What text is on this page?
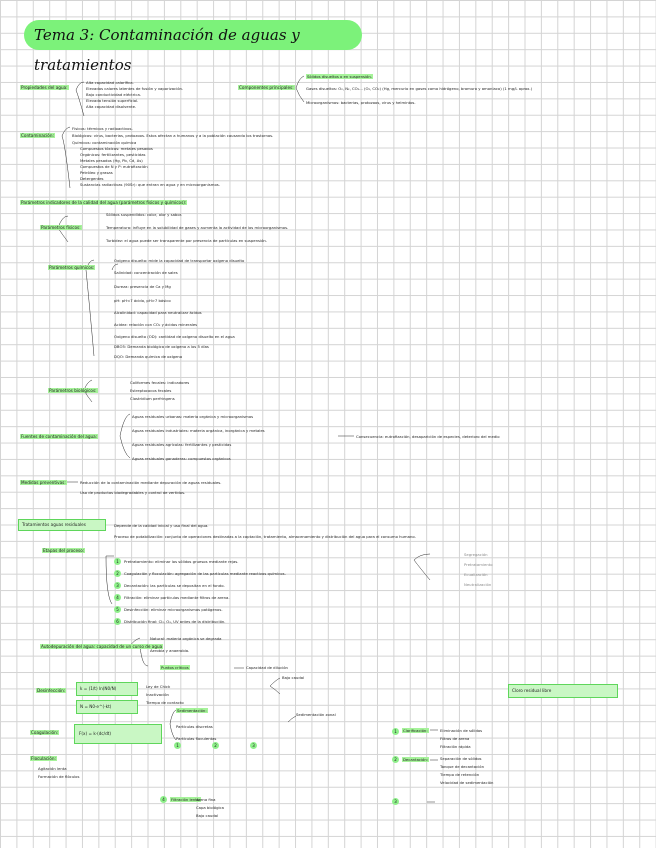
Tema 3: Contaminación de aguas y tratamientos
Propiedades del agua:
Alta capacidad calorífica.
Elevados calores latentes de fusión y vaporización.
Bajo conductividad eléctrica.
Elevada tensión superficial.
Alta capacidad disolvente.
Componentes principales:
Sólidos disueltos o en suspensión.
Gases disueltos: O₂, N₂, CO₂... (O₂, CO₂) (Hg, mercurio en gases como hidrógeno, bromuro y amoniaco) (1 mg/L aprox.)
Microorganismos: bacterias, protozoos, virus y helmintos.
Contaminación:
Físicos: térmicos y radioactivos.
Biológicos: virus, bacterias, protozoos. Estos afectan a humanos y a la población causando los trastornos.
Químicos: contaminación química
Compuestos tóxicos: metales pesados
Orgánicos: fertilizantes, pesticidas
Metales pesados (Hg, Pb, Cd, As)
Compuestos de N y P: eutrofización
Petróleo y grasas
Detergentes
Sustancias radiactivas (90Sr): que entran en agua y en microorganismos.
Parámetros indicadores de la calidad del agua (parámetros físicos y químicos):
Parámetros físicos:
Sólidos suspendidos: color, olor y sabor.
Temperatura: influye en la solubilidad de gases y aumenta la actividad de los microorganismos.
Turbidez: el agua puede ser transparente por presencia de partículas en suspensión.
Parámetros químicos:
Oxígeno disuelto: mide la capacidad de transportar oxígeno disuelto
Salinidad: concentración de sales
Dureza: presencia de Ca y Mg
pH: pH<7 ácido, pH>7 básico
Alcalinidad: capacidad para neutralizar ácidos
Acidez: relación con CO₂ y ácidos minerales
Oxígeno disuelto (OD): cantidad de oxígeno disuelto en el agua
DBO5: Demanda biológica de oxígeno a los 5 días
DQO: Demanda química de oxígeno
Parámetros biológicos:
Coliformes fecales: indicadores
Estreptococos fecales
Clostridium perfringens
Fuentes de contaminación del agua:
Aguas residuales urbanas: materia orgánica y microorganismos
Aguas residuales industriales: materia orgánica, inorgánica y metales
Aguas residuales agrícolas: fertilizantes y pesticidas
Aguas residuales ganaderas: compuestos orgánicos
Consecuencia: eutrofización, desaparición de especies, deterioro del medio
Medidas preventivas:	Reducción de la contaminación mediante depuración de aguas residuales.
Uso de productos biodegradables y control de vertidos.
Tratamientos aguas residuales	Depende de la calidad inicial y uso final del agua.
Proceso de potabilización: conjunto de operaciones destinadas a la captación, tratamiento, almacenamiento y distribución del agua para el consumo humano.
Etapas del proceso:
1	Pretratamiento: eliminar los sólidos gruesos mediante rejas.
2	Coagulación y floculación: agregación de las partículas mediante reactivos químicos.
3	Decantación: las partículas se depositan en el fondo.
4	Filtración: eliminar partículas mediante filtros de arena.
5	Desinfección: eliminar microorganismos patógenos.
6	Distribución final: Cl₂, O₃, UV antes de la distribución.
Segregación
Pretratamiento
Ecualización
Neutralización
Autodepuración del agua: capacidad de un curso de agua
Natural: materia orgánica se degrada
Aerobia y anaerobia.
Puntos críticos	Capacidad de dilución
Bajo caudal
Desinfección:	k = (1/t) ln(N0/N)
N = N0·e^(-kt)
Ley de Chick
Inactivación
Tiempo de contacto
Cloro residual libre
Coagulación:	F(x) = k·(dc/dt)
Floculación:
Agitación lenta
Formación de flóculos
Sedimentación:
Partículas discretas
Partículas floculentas
Sedimentación zonal
1	2	3
1	Clarificación:	Eliminación de sólidos
Filtros de arena
Filtración rápida
2	Decantación:	Separación de sólidos
Tanque de decantación
Tiempo de retención
Velocidad de sedimentación
4	Filtración lenta:
Arena fina
Capa biológica
Bajo caudal
3
